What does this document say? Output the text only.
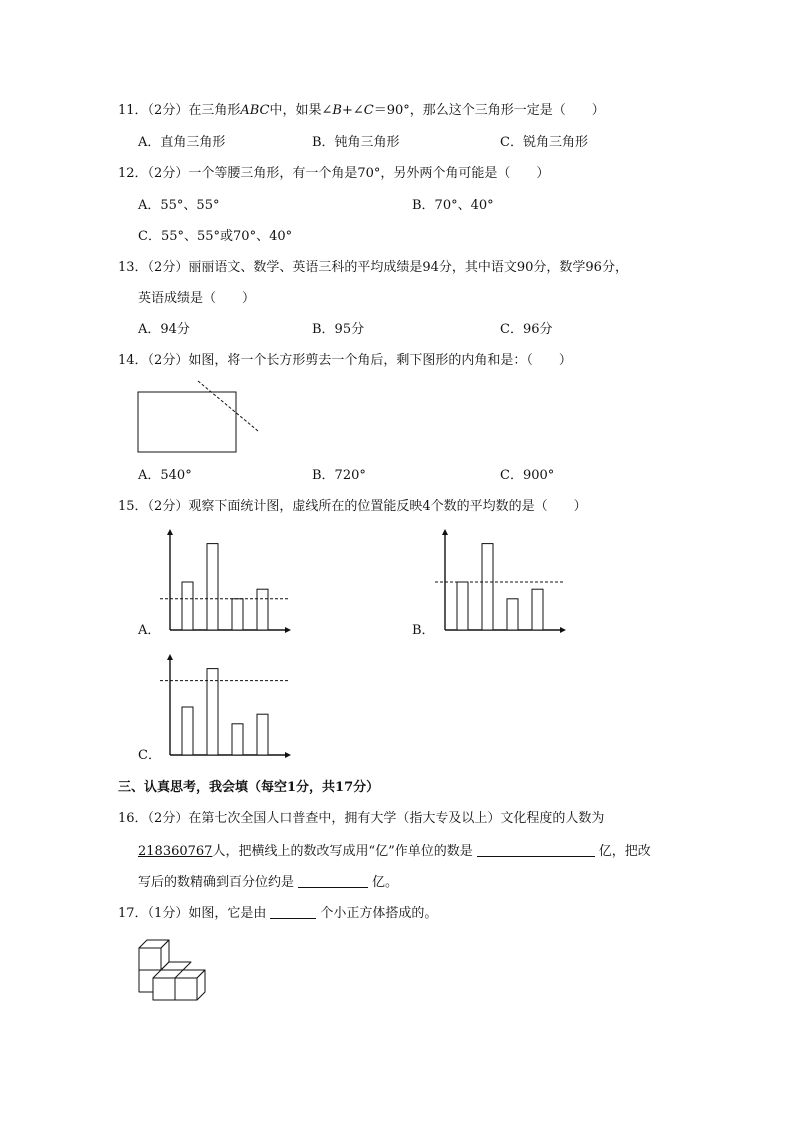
11．（2分）在三角形ABC中，如果∠B+∠C＝90°，那么这个三角形一定是（　　）
A．直角三角形	B．钝角三角形	C．锐角三角形
12．（2分）一个等腰三角形，有一个角是70°，另外两个角可能是（　　）
A．55°、55°	B．70°、40°
C．55°、55°或70°、40°
13．（2分）丽丽语文、数学、英语三科的平均成绩是94分，其中语文90分，数学96分，
英语成绩是（　　）
A．94分	B．95分	C．96分
14．（2分）如图，将一个长方形剪去一个角后，剩下图形的内角和是：（　　）
A．540°	B．720°	C．900°
15．（2分）观察下面统计图，虚线所在的位置能反映4个数的平均数的是（　　）
A．	B．
C．
三、认真思考，我会填（每空1分，共17分）
16．（2分）在第七次全国人口普查中，拥有大学（指大专及以上）文化程度的人数为
218360767人，把横线上的数改写成用“亿”作单位的数是	亿，把改
写后的数精确到百分位约是	亿。
17．（1分）如图，它是由	个小正方体搭成的。
